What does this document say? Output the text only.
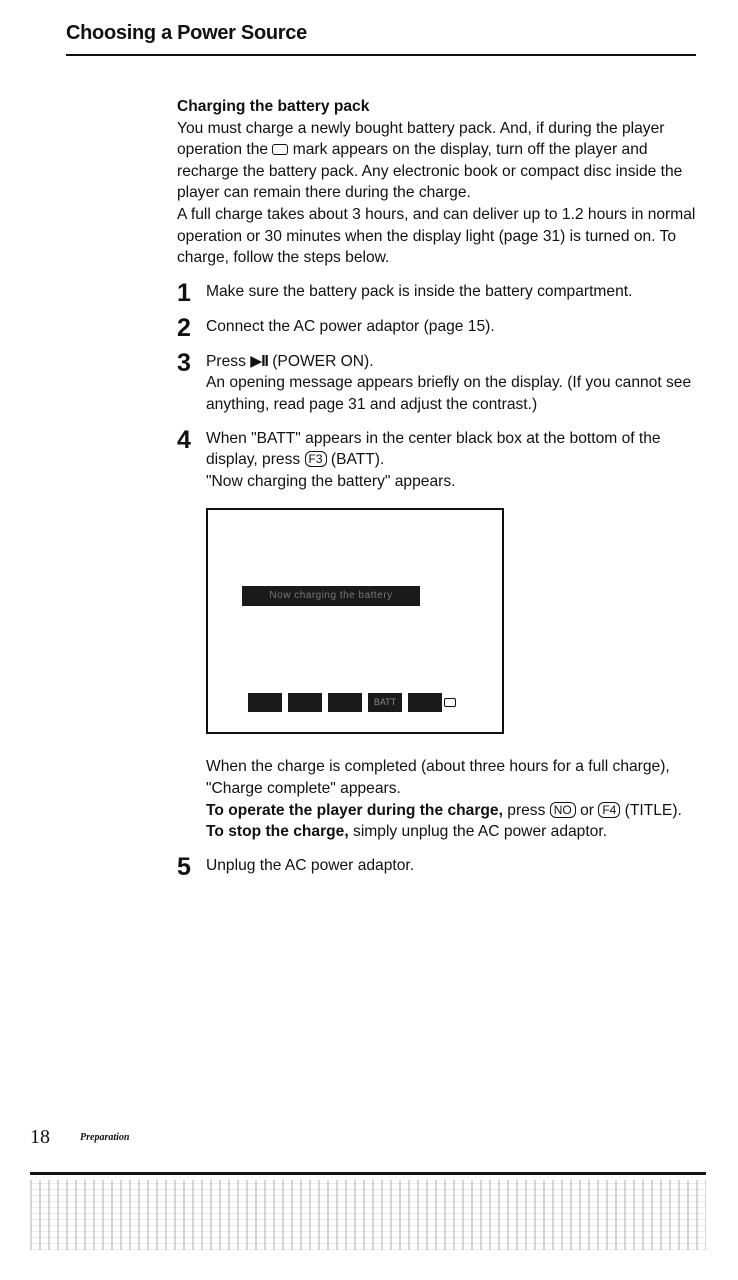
Choosing a Power Source

Charging the battery pack

You must charge a newly bought battery pack. And, if during the player operation the mark appears on the display, turn off the player and recharge the battery pack. Any electronic book or compact disc inside the player can remain there during the charge.

A full charge takes about 3 hours, and can deliver up to 1.2 hours in normal operation or 30 minutes when the display light (page 31) is turned on. To charge, follow the steps below.

1 Make sure the battery pack is inside the battery compartment.

2 Connect the AC power adaptor (page 15).

3 Press ▶II (POWER ON).

An opening message appears briefly on the display. (If you cannot see anything, read page 31 and adjust the contrast.)

4 When "BATT" appears in the center black box at the bottom of the display, press F3 (BATT).

"Now charging the battery" appears.

Now charging the battery
BATT

When the charge is completed (about three hours for a full charge), "Charge complete" appears.

To operate the player during the charge, press NO or F4 (TITLE).

To stop the charge, simply unplug the AC power adaptor.

5 Unplug the AC power adaptor.

18	Preparation
